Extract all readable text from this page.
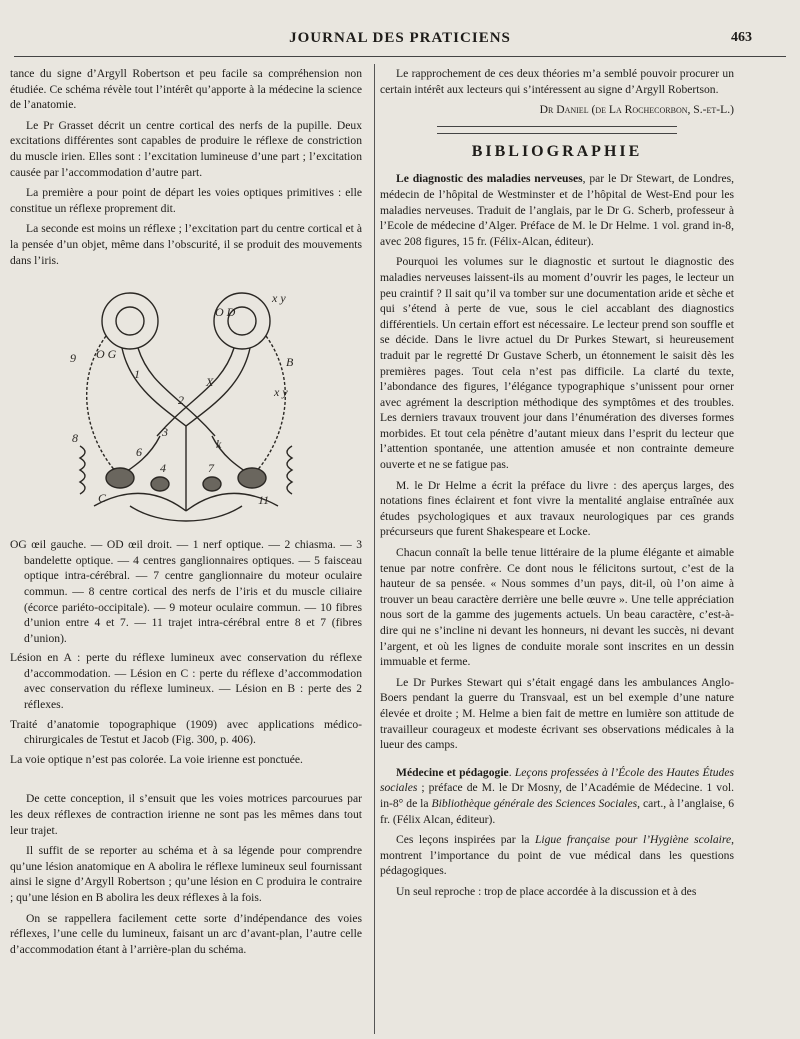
JOURNAL DES PRATICIENS	463

tance du signe d’Argyll Robertson et peu facile sa compréhension non étudiée. Ce schéma révèle tout l’intérêt qu’apporte à la médecine la science de l’anatomie.

Le Pr Grasset décrit un centre cortical des nerfs de la pupille. Deux excitations différentes sont capables de produire le réflexe de constriction du muscle irien. Elles sont : l’excitation lumineuse d’une part ; l’excitation causée par l’accommodation d’autre part.

La première a pour point de départ les voies optiques primitives : elle constitue un réflexe proprement dit.

La seconde est moins un réflexe ; l’excitation part du centre cortical et à la pensée d’un objet, même dans l’obscurité, il se produit des mouvements dans l’iris.

O G
O D
x y
x y
B
1
2
3
4
6
7
8
9
11
C
k
X

OG œil gauche. — OD œil droit. — 1 nerf optique. — 2 chiasma. — 3 bandelette optique. — 4 centres ganglionnaires optiques. — 5 faisceau optique intra-cérébral. — 7 centre ganglionnaire du moteur oculaire commun. — 8 centre cortical des nerfs de l’iris et du muscle ciliaire (écorce pariéto-occipitale). — 9 moteur oculaire commun. — 10 fibres d’union entre 4 et 7. — 11 trajet intra-cérébral entre 8 et 7 (fibres d’union).

Lésion en A : perte du réflexe lumineux avec conservation du réflexe d’accommodation. — Lésion en C : perte du réflexe d’accommodation avec conservation du réflexe lumineux. — Lésion en B : perte des 2 réflexes.

Traité d’anatomie topographique (1909) avec applications médico-chirurgicales de Testut et Jacob (Fig. 300, p. 406).

La voie optique n’est pas colorée. La voie irienne est ponctuée.

De cette conception, il s’ensuit que les voies motrices parcourues par les deux réflexes de contraction irienne ne sont pas les mêmes dans tout leur trajet.

Il suffit de se reporter au schéma et à sa légende pour comprendre qu’une lésion anatomique en A abolira le réflexe lumineux seul fournissant ainsi le signe d’Argyll Robertson ; qu’une lésion en C produira le contraire ; qu’une lésion en B abolira les deux réflexes à la fois.

On se rappellera facilement cette sorte d’indépendance des voies réflexes, l’une celle du lumineux, faisant un arc d’avant-plan, l’autre celle d’accommodation étant à l’arrière-plan du schéma.

Le rapprochement de ces deux théories m’a semblé pouvoir procurer un certain intérêt aux lecteurs qui s’intéressent au signe d’Argyll Robertson.

Dr Daniel (de La Rochecorbon, S.-et-L.)

BIBLIOGRAPHIE

Le diagnostic des maladies nerveuses, par le Dr Stewart, de Londres, médecin de l’hôpital de Westminster et de l’hôpital de West-End pour les maladies nerveuses. Traduit de l’anglais, par le Dr G. Scherb, professeur à l’Ecole de médecine d’Alger. Préface de M. le Dr Helme. 1 vol. grand in-8, avec 208 figures, 15 fr. (Félix-Alcan, éditeur).

Pourquoi les volumes sur le diagnostic et surtout le diagnostic des maladies nerveuses laissent-ils au moment d’ouvrir les pages, le lecteur un peu craintif ? Il sait qu’il va tomber sur une documentation aride et sèche et qui s’étend à perte de vue, sous le ciel accablant des diagnostics différentiels. Un certain effort est nécessaire. Le lecteur prend son souffle et se décide. Dans le livre actuel du Dr Purkes Stewart, si heureusement traduit par le regretté Dr Gustave Scherb, un étonnement le saisit dès les premières pages. Tout cela n’est pas difficile. La clarté du texte, l’abondance des figures, l’élégance typographique s’unissent pour orner avec agrément la description méthodique des symptômes et des troubles. Les derniers travaux trouvent jour dans l’énumération des diverses formes morbides. Et tout cela pénètre d’autant mieux dans l’esprit du lecteur que l’attention spontanée, une attention amusée et non contrainte demeure ouverte et ne se fatigue pas.

M. le Dr Helme a écrit la préface du livre : des aperçus larges, des notations fines éclairent et font vivre la mentalité anglaise entraînée aux études psychologiques et aux travaux neurologiques par ces grands précurseurs que furent Shakespeare et Locke.

Chacun connaît la belle tenue littéraire de la plume élégante et aimable tenue par notre confrère. Ce dont nous le félicitons surtout, c’est de la hauteur de sa pensée. « Nous sommes d’un pays, dit-il, où l’on aime à trouver un beau caractère derrière une belle œuvre ». Une telle appréciation nous sort de la gamme des jugements actuels. Un beau caractère, c’est-à-dire qui ne s’incline ni devant les honneurs, ni devant les succès, ni devant l’argent, et où les lignes de conduite morale sont inscrites en un dessin immuable et ferme.

Le Dr Purkes Stewart qui s’était engagé dans les ambulances Anglo-Boers pendant la guerre du Transvaal, est un bel exemple d’une nature élevée et droite ; M. Helme a bien fait de mettre en lumière son attitude de travailleur courageux et modeste écrivant ses observations médicales à la lueur des camps.

Médecine et pédagogie. Leçons professées à l’École des Hautes Études sociales ; préface de M. le Dr Mosny, de l’Académie de Médecine. 1 vol. in-8° de la Bibliothèque générale des Sciences Sociales, cart., à l’anglaise, 6 fr. (Félix Alcan, éditeur).

Ces leçons inspirées par la Ligue française pour l’Hygiène scolaire, montrent l’importance du point de vue médical dans les questions pédagogiques.

Un seul reproche : trop de place accordée à la discussion et à des
